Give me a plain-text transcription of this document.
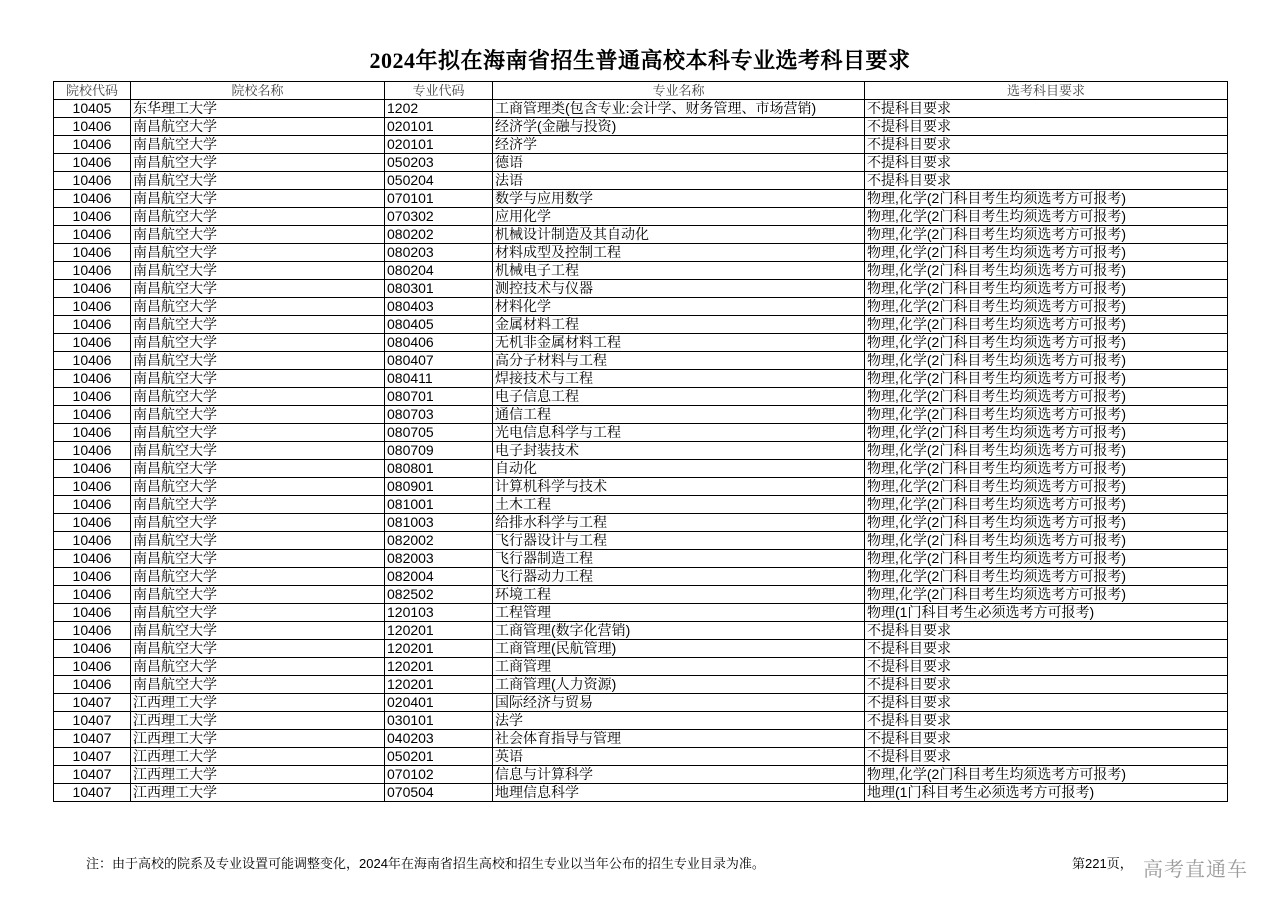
2024年拟在海南省招生普通高校本科专业选考科目要求
院校代码	院校名称	专业代码	专业名称	选考科目要求
10405	东华理工大学	1202	工商管理类(包含专业:会计学、财务管理、市场营销)	不提科目要求
10406	南昌航空大学	020101	经济学(金融与投资)	不提科目要求
10406	南昌航空大学	020101	经济学	不提科目要求
10406	南昌航空大学	050203	德语	不提科目要求
10406	南昌航空大学	050204	法语	不提科目要求
10406	南昌航空大学	070101	数学与应用数学	物理,化学(2门科目考生均须选考方可报考)
10406	南昌航空大学	070302	应用化学	物理,化学(2门科目考生均须选考方可报考)
10406	南昌航空大学	080202	机械设计制造及其自动化	物理,化学(2门科目考生均须选考方可报考)
10406	南昌航空大学	080203	材料成型及控制工程	物理,化学(2门科目考生均须选考方可报考)
10406	南昌航空大学	080204	机械电子工程	物理,化学(2门科目考生均须选考方可报考)
10406	南昌航空大学	080301	测控技术与仪器	物理,化学(2门科目考生均须选考方可报考)
10406	南昌航空大学	080403	材料化学	物理,化学(2门科目考生均须选考方可报考)
10406	南昌航空大学	080405	金属材料工程	物理,化学(2门科目考生均须选考方可报考)
10406	南昌航空大学	080406	无机非金属材料工程	物理,化学(2门科目考生均须选考方可报考)
10406	南昌航空大学	080407	高分子材料与工程	物理,化学(2门科目考生均须选考方可报考)
10406	南昌航空大学	080411	焊接技术与工程	物理,化学(2门科目考生均须选考方可报考)
10406	南昌航空大学	080701	电子信息工程	物理,化学(2门科目考生均须选考方可报考)
10406	南昌航空大学	080703	通信工程	物理,化学(2门科目考生均须选考方可报考)
10406	南昌航空大学	080705	光电信息科学与工程	物理,化学(2门科目考生均须选考方可报考)
10406	南昌航空大学	080709	电子封装技术	物理,化学(2门科目考生均须选考方可报考)
10406	南昌航空大学	080801	自动化	物理,化学(2门科目考生均须选考方可报考)
10406	南昌航空大学	080901	计算机科学与技术	物理,化学(2门科目考生均须选考方可报考)
10406	南昌航空大学	081001	土木工程	物理,化学(2门科目考生均须选考方可报考)
10406	南昌航空大学	081003	给排水科学与工程	物理,化学(2门科目考生均须选考方可报考)
10406	南昌航空大学	082002	飞行器设计与工程	物理,化学(2门科目考生均须选考方可报考)
10406	南昌航空大学	082003	飞行器制造工程	物理,化学(2门科目考生均须选考方可报考)
10406	南昌航空大学	082004	飞行器动力工程	物理,化学(2门科目考生均须选考方可报考)
10406	南昌航空大学	082502	环境工程	物理,化学(2门科目考生均须选考方可报考)
10406	南昌航空大学	120103	工程管理	物理(1门科目考生必须选考方可报考)
10406	南昌航空大学	120201	工商管理(数字化营销)	不提科目要求
10406	南昌航空大学	120201	工商管理(民航管理)	不提科目要求
10406	南昌航空大学	120201	工商管理	不提科目要求
10406	南昌航空大学	120201	工商管理(人力资源)	不提科目要求
10407	江西理工大学	020401	国际经济与贸易	不提科目要求
10407	江西理工大学	030101	法学	不提科目要求
10407	江西理工大学	040203	社会体育指导与管理	不提科目要求
10407	江西理工大学	050201	英语	不提科目要求
10407	江西理工大学	070102	信息与计算科学	物理,化学(2门科目考生均须选考方可报考)
10407	江西理工大学	070504	地理信息科学	地理(1门科目考生必须选考方可报考)
注：由于高校的院系及专业设置可能调整变化，2024年在海南省招生高校和招生专业以当年公布的招生专业目录为准。	第221页， 高考直通车
